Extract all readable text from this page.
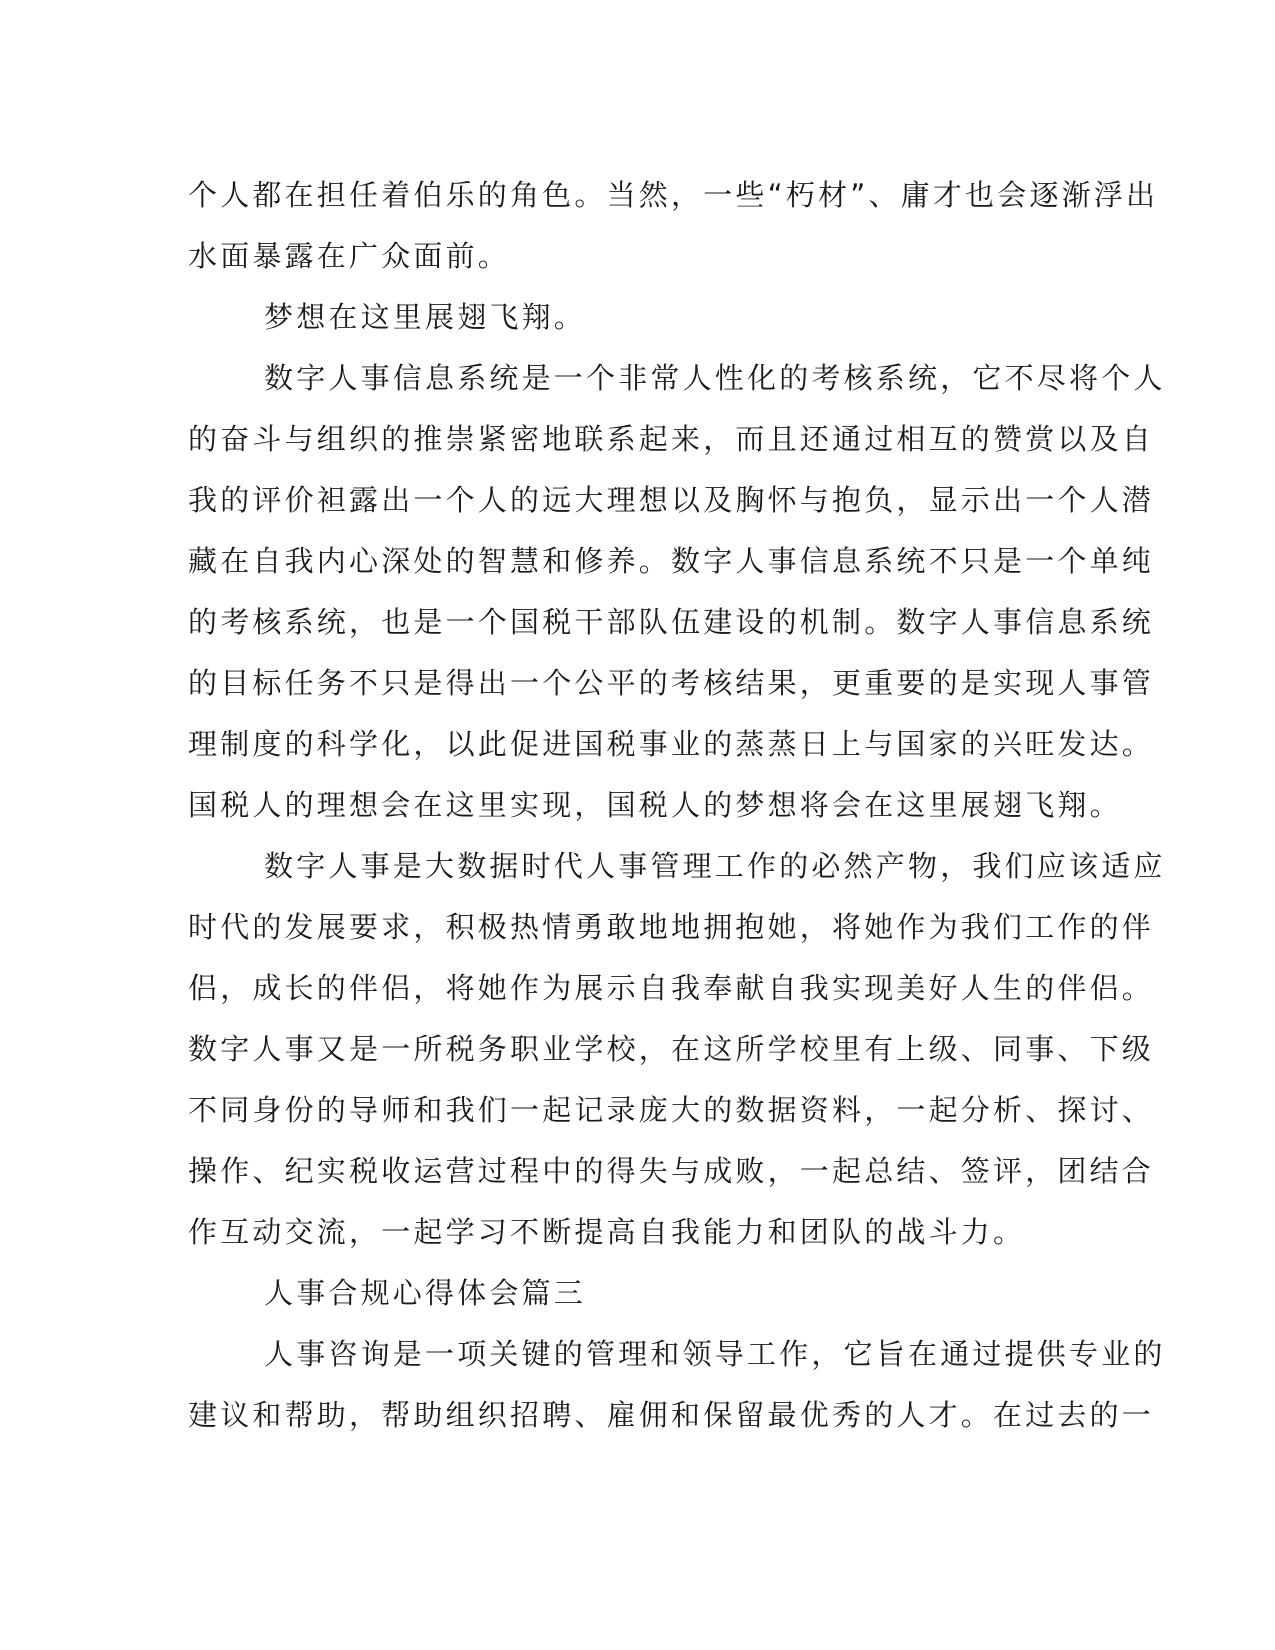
个人都在担任着伯乐的角色。当然，一些“朽材”、庸才也会逐渐浮出
水面暴露在广众面前。
梦想在这里展翅飞翔。
数字人事信息系统是一个非常人性化的考核系统，它不尽将个人
的奋斗与组织的推崇紧密地联系起来，而且还通过相互的赞赏以及自
我的评价袒露出一个人的远大理想以及胸怀与抱负，显示出一个人潜
藏在自我内心深处的智慧和修养。数字人事信息系统不只是一个单纯
的考核系统，也是一个国税干部队伍建设的机制。数字人事信息系统
的目标任务不只是得出一个公平的考核结果，更重要的是实现人事管
理制度的科学化，以此促进国税事业的蒸蒸日上与国家的兴旺发达。
国税人的理想会在这里实现，国税人的梦想将会在这里展翅飞翔。
数字人事是大数据时代人事管理工作的必然产物，我们应该适应
时代的发展要求，积极热情勇敢地地拥抱她，将她作为我们工作的伴
侣，成长的伴侣，将她作为展示自我奉献自我实现美好人生的伴侣。
数字人事又是一所税务职业学校，在这所学校里有上级、同事、下级
不同身份的导师和我们一起记录庞大的数据资料，一起分析、探讨、
操作、纪实税收运营过程中的得失与成败，一起总结、签评，团结合
作互动交流，一起学习不断提高自我能力和团队的战斗力。
人事合规心得体会篇三
人事咨询是一项关键的管理和领导工作，它旨在通过提供专业的
建议和帮助，帮助组织招聘、雇佣和保留最优秀的人才。在过去的一
